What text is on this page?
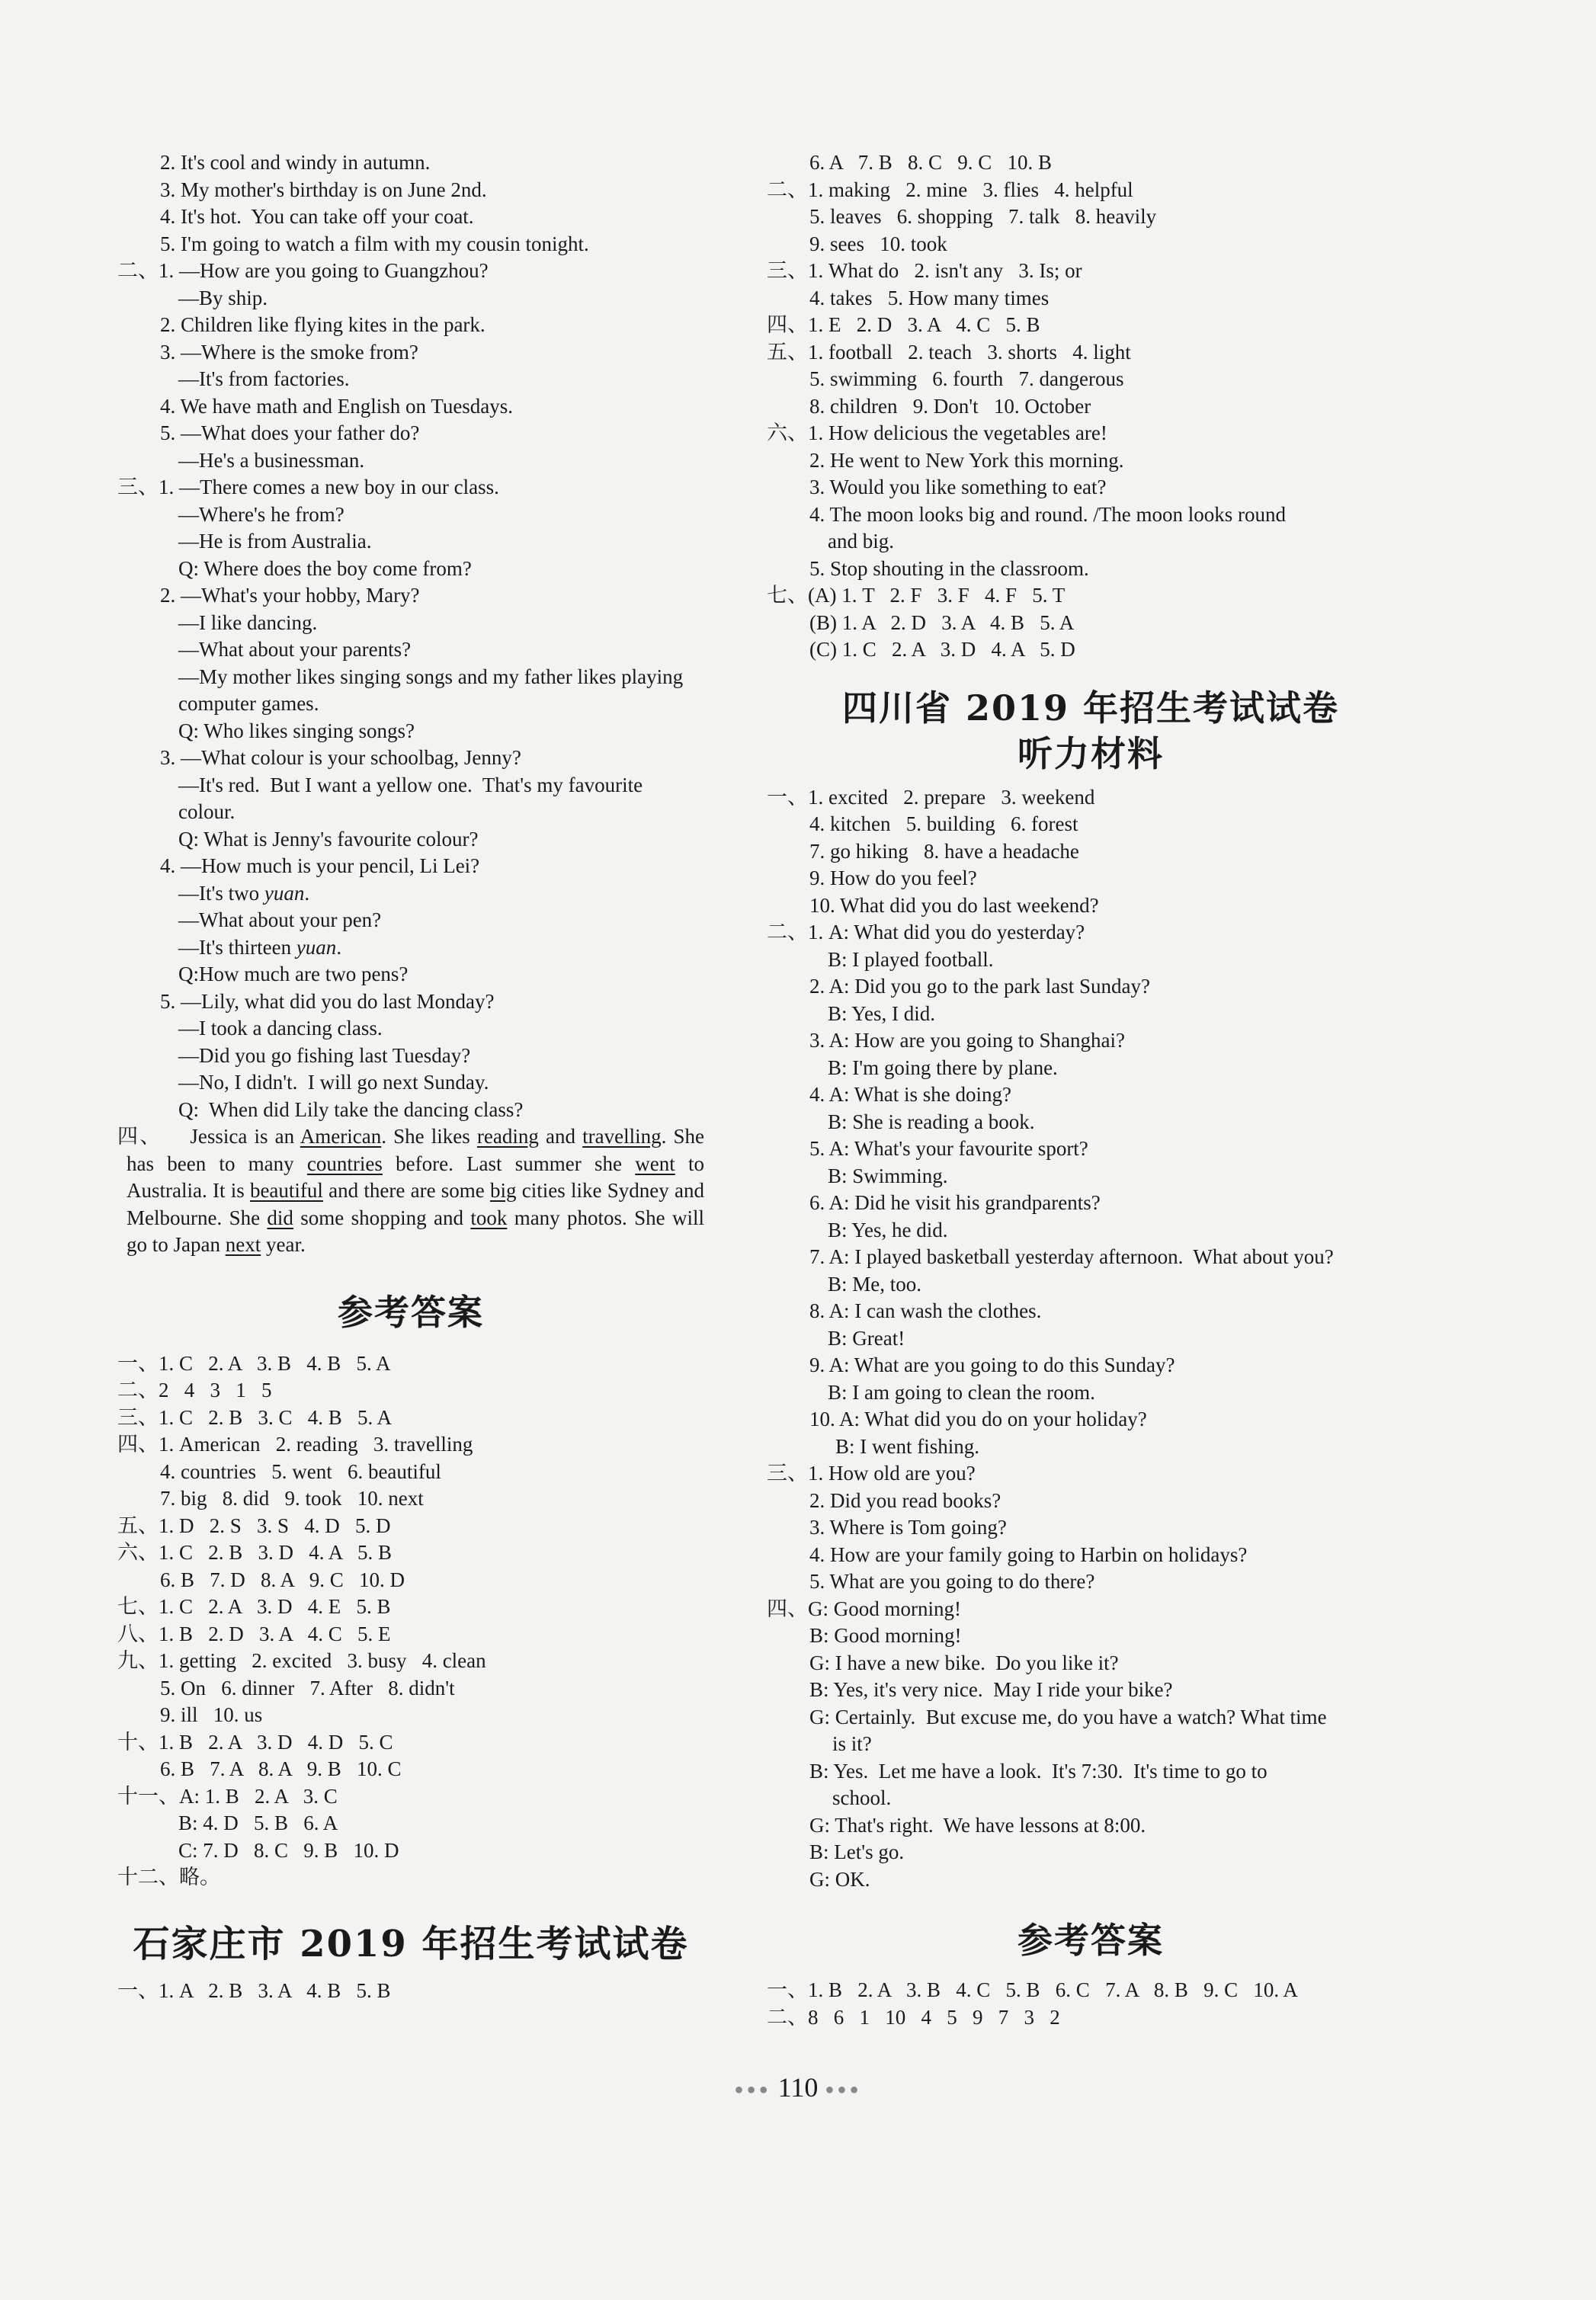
2. It's cool and windy in autumn.
3. My mother's birthday is on June 2nd.
4. It's hot.  You can take off your coat.
5. I'm going to watch a film with my cousin tonight.
二、1. —How are you going to Guangzhou?
—By ship.
2. Children like flying kites in the park.
3. —Where is the smoke from?
—It's from factories.
4. We have math and English on Tuesdays.
5. —What does your father do?
—He's a businessman.
三、1. —There comes a new boy in our class.
—Where's he from?
—He is from Australia.
Q: Where does the boy come from?
2. —What's your hobby, Mary?
—I like dancing.
—What about your parents?
—My mother likes singing songs and my father likes playing
computer games.
Q: Who likes singing songs?
3. —What colour is your schoolbag, Jenny?
—It's red.  But I want a yellow one.  That's my favourite
colour.
Q: What is Jenny's favourite colour?
4. —How much is your pencil, Li Lei?
—It's two yuan.
—What about your pen?
—It's thirteen yuan.
Q:How much are two pens?
5. —Lily, what did you do last Monday?
—I took a dancing class.
—Did you go fishing last Tuesday?
—No, I didn't.  I will go next Sunday.
Q:  When did Lily take the dancing class?
四、 Jessica is an American. She likes reading and travelling. She has been to many countries before. Last summer she went to Australia. It is beautiful and there are some big cities like Sydney and Melbourne. She did some shopping and took many photos. She will go to Japan next year.
参考答案
一、1. C   2. A   3. B   4. B   5. A
二、2   4   3   1   5
三、1. C   2. B   3. C   4. B   5. A
四、1. American   2. reading   3. travelling
4. countries   5. went   6. beautiful
7. big   8. did   9. took   10. next
五、1. D   2. S   3. S   4. D   5. D
六、1. C   2. B   3. D   4. A   5. B
6. B   7. D   8. A   9. C   10. D
七、1. C   2. A   3. D   4. E   5. B
八、1. B   2. D   3. A   4. C   5. E
九、1. getting   2. excited   3. busy   4. clean
5. On   6. dinner   7. After   8. didn't
9. ill   10. us
十、1. B   2. A   3. D   4. D   5. C
6. B   7. A   8. A   9. B   10. C
十一、A: 1. B   2. A   3. C
B: 4. D   5. B   6. A
C: 7. D   8. C   9. B   10. D
十二、略。
石家庄市 2019 年招生考试试卷
一、1. A   2. B   3. A   4. B   5. B
6. A   7. B   8. C   9. C   10. B
二、1. making   2. mine   3. flies   4. helpful
5. leaves   6. shopping   7. talk   8. heavily
9. sees   10. took
三、1. What do   2. isn't any   3. Is; or
4. takes   5. How many times
四、1. E   2. D   3. A   4. C   5. B
五、1. football   2. teach   3. shorts   4. light
5. swimming   6. fourth   7. dangerous
8. children   9. Don't   10. October
六、1. How delicious the vegetables are!
2. He went to New York this morning.
3. Would you like something to eat?
4. The moon looks big and round. /The moon looks round
and big.
5. Stop shouting in the classroom.
七、(A) 1. T   2. F   3. F   4. F   5. T
(B) 1. A   2. D   3. A   4. B   5. A
(C) 1. C   2. A   3. D   4. A   5. D
四川省 2019 年招生考试试卷
听力材料
一、1. excited   2. prepare   3. weekend
4. kitchen   5. building   6. forest
7. go hiking   8. have a headache
9. How do you feel?
10. What did you do last weekend?
二、1. A: What did you do yesterday?
B: I played football.
2. A: Did you go to the park last Sunday?
B: Yes, I did.
3. A: How are you going to Shanghai?
B: I'm going there by plane.
4. A: What is she doing?
B: She is reading a book.
5. A: What's your favourite sport?
B: Swimming.
6. A: Did he visit his grandparents?
B: Yes, he did.
7. A: I played basketball yesterday afternoon.  What about you?
B: Me, too.
8. A: I can wash the clothes.
B: Great!
9. A: What are you going to do this Sunday?
B: I am going to clean the room.
10. A: What did you do on your holiday?
B: I went fishing.
三、1. How old are you?
2. Did you read books?
3. Where is Tom going?
4. How are your family going to Harbin on holidays?
5. What are you going to do there?
四、G: Good morning!
B: Good morning!
G: I have a new bike.  Do you like it?
B: Yes, it's very nice.  May I ride your bike?
G: Certainly.  But excuse me, do you have a watch? What time
is it?
B: Yes.  Let me have a look.  It's 7:30.  It's time to go to
school.
G: That's right.  We have lessons at 8:00.
B: Let's go.
G: OK.
参考答案
一、1. B   2. A   3. B   4. C   5. B   6. C   7. A   8. B   9. C   10. A
二、8   6   1   10   4   5   9   7   3   2
●●● 110 ●●●
